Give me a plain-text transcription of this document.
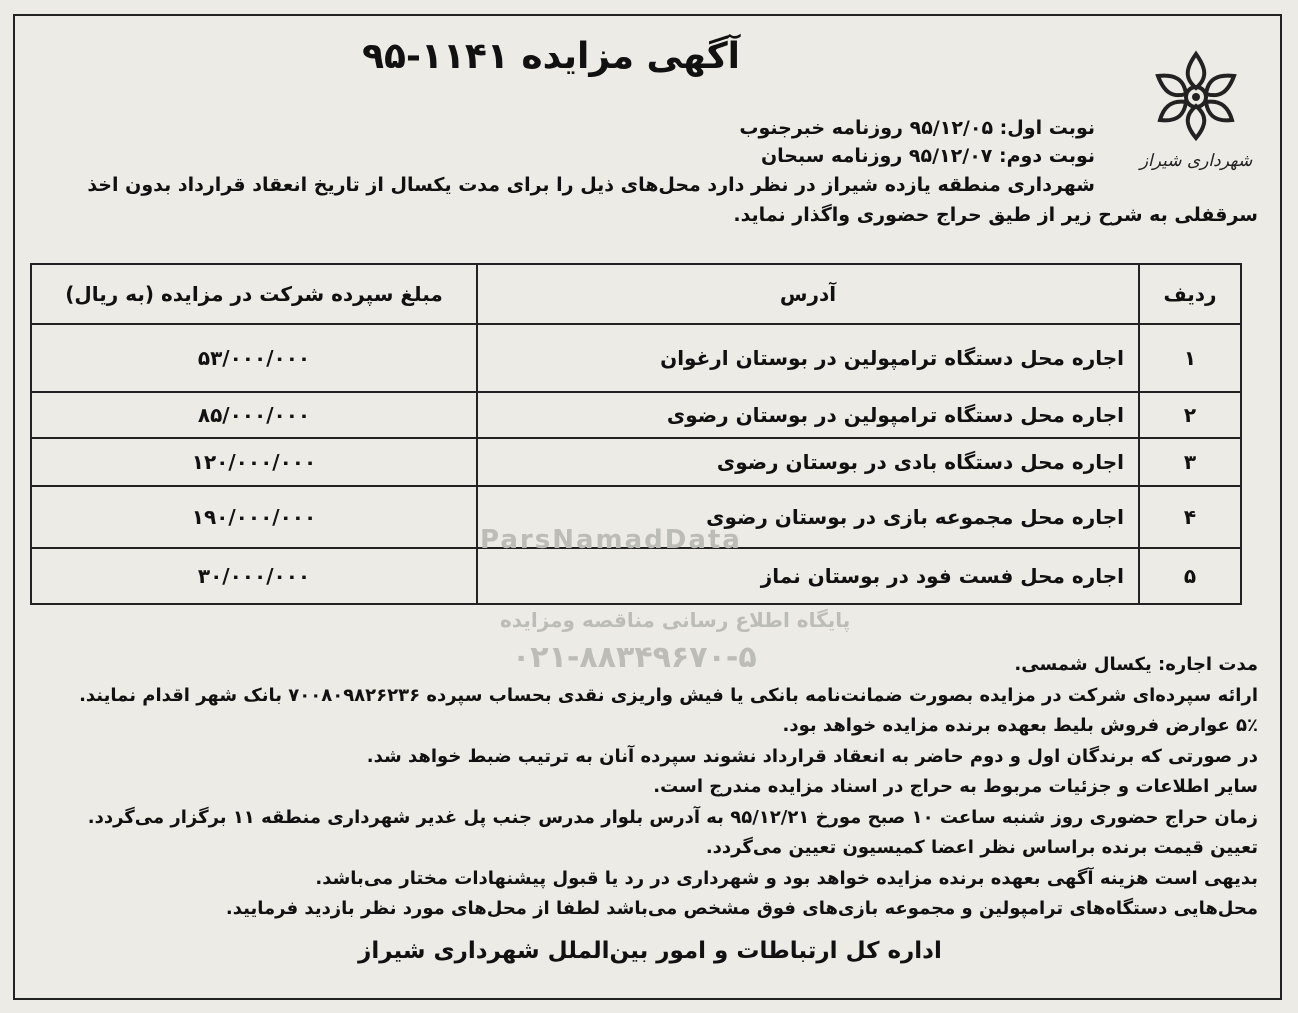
شهرداری شیراز
آگهی مزایده ۱۱۴۱-۹۵
نوبت اول: ۹۵/۱۲/۰۵ روزنامه خبرجنوب
نوبت دوم: ۹۵/۱۲/۰۷ روزنامه سبحان
شهرداری منطقه یازده شیراز در نظر دارد محل‌های ذیل را برای مدت یکسال از تاریخ انعقاد قرارداد بدون اخذ
سرقفلی به شرح زیر از طیق حراج حضوری واگذار نماید.
ردیف	آدرس	مبلغ سپرده شرکت در مزایده (به ریال)
۱	اجاره محل دستگاه ترامپولین در بوستان ارغوان	۵۳/۰۰۰/۰۰۰
۲	اجاره محل دستگاه ترامپولین در بوستان رضوی	۸۵/۰۰۰/۰۰۰
۳	اجاره محل دستگاه بادی در بوستان رضوی	۱۲۰/۰۰۰/۰۰۰
۴	اجاره محل مجموعه بازی در بوستان رضوی	۱۹۰/۰۰۰/۰۰۰
۵	اجاره محل فست فود در بوستان نماز	۳۰/۰۰۰/۰۰۰
ParsNamadData
پایگاه اطلاع رسانی مناقصه ومزایده
۰۲۱-۸۸۳۴۹۶۷۰-۵	مدت اجاره: یکسال شمسی.
ارائه سپرده‌ای شرکت در مزایده بصورت ضمانت‌نامه بانکی یا فیش واریزی نقدی بحساب سپرده ۷۰۰۸۰۹۸۲۶۲۳۶ بانک شهر اقدام نمایند.
۵٪ عوارض فروش بلیط بعهده برنده مزایده خواهد بود.
در صورتی که برندگان اول و دوم حاضر به انعقاد قرارداد نشوند سپرده آنان به ترتیب ضبط خواهد شد.
سایر اطلاعات و جزئیات مربوط به حراج در اسناد مزایده مندرج است.
زمان حراج حضوری روز شنبه ساعت ۱۰ صبح مورخ ۹۵/۱۲/۲۱ به آدرس بلوار مدرس جنب پل غدیر شهرداری منطقه ۱۱ برگزار می‌گردد.
تعیین قیمت برنده براساس نظر اعضا کمیسیون تعیین می‌گردد.
بدیهی است هزینه آگهی بعهده برنده مزایده خواهد بود و شهرداری در رد یا قبول پیشنهادات مختار می‌باشد.
محل‌هایی دستگاه‌های ترامپولین و مجموعه بازی‌های فوق مشخص می‌باشد لطفا از محل‌های مورد نظر بازدید فرمایید.
اداره کل ارتباطات و امور بین‌الملل شهرداری شیراز
